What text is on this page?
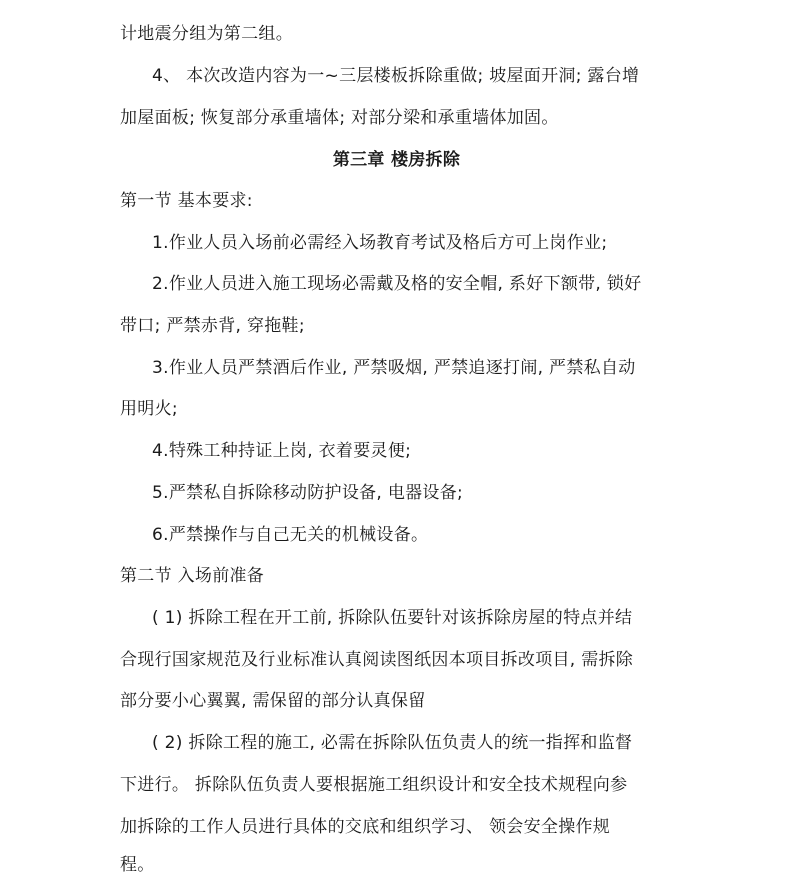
计地震分组为第二组。
4、 本次改造内容为一~三层楼板拆除重做; 坡屋面开洞; 露台增
加屋面板; 恢复部分承重墙体; 对部分梁和承重墙体加固。
第三章 楼房拆除
第一节 基本要求:
1.作业人员入场前必需经入场教育考试及格后方可上岗作业;
2.作业人员进入施工现场必需戴及格的安全帽, 系好下额带, 锁好
带口; 严禁赤背, 穿拖鞋;
3.作业人员严禁酒后作业, 严禁吸烟, 严禁追逐打闹, 严禁私自动
用明火;
4.特殊工种持证上岗, 衣着要灵便;
5.严禁私自拆除移动防护设备, 电器设备;
6.严禁操作与自己无关的机械设备。
第二节 入场前准备
( 1) 拆除工程在开工前, 拆除队伍要针对该拆除房屋的特点并结
合现行国家规范及行业标准认真阅读图纸因本项目拆改项目, 需拆除
部分要小心翼翼, 需保留的部分认真保留
( 2) 拆除工程的施工, 必需在拆除队伍负责人的统一指挥和监督
下进行。 拆除队伍负责人要根据施工组织设计和安全技术规程向参
加拆除的工作人员进行具体的交底和组织学习、 领会安全操作规
程。
